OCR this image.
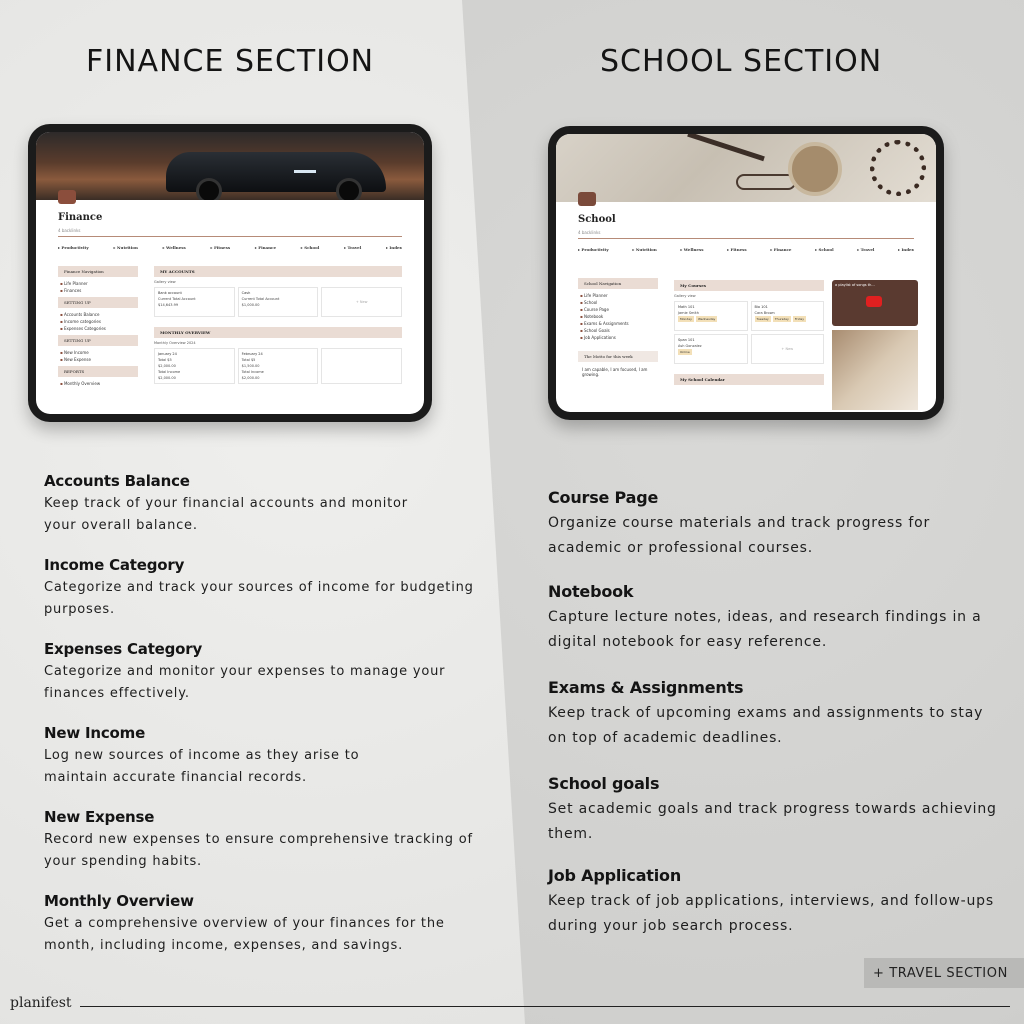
FINANCE SECTION	SCHOOL SECTION
Finance
4 backlinks
▸ Productivity	▸ Nutrition	▸ Wellness	▸ Fitness	▸ Finance	▸ School	▸ Travel	▸ Index
Finance Navigation
▪ Life Planner
▪ Finances
SETTING UP
▪ Accounts Balance
▪ Income categories
▪ Expenses Categories
SETTING UP
▪ New Income
▪ New Expense
REPORTS
▪ Monthly Overview
MY ACCOUNTS
Gallery view
Bank account
Current Total Account
$14,643.99
Cash
Current Total Account
$1,000.00
+ New
MONTHLY OVERVIEW
Monthly Overview 2024
January 24
Total $5
$2,000.00
Total Income
$2,000.00
February 24
Total $5
$1,500.00
Total Income
$2,000.00
School
4 backlinks
▸ Productivity	▸ Nutrition	▸ Wellness	▸ Fitness	▸ Finance	▸ School	▸ Travel	▸ Index
School Navigation
▪ Life Planner
▪ School
▪ Course Page
▪ Notebook
▪ Exams & Assignments
▪ School Goals
▪ Job Applications
The Motto for this week
I am capable, I am focused, I am growing.
My Courses
Gallery view
Math 101
Jamie Smith
Monday Wednesday
Bio 101
Cara Brown
Tuesday Thursday Friday
Span 101
Ash Gonzalez
Online
+ New
My School Calendar
a playlist of songs th...
Accounts Balance

Keep track of your financial accounts and monitor your overall balance.

Income Category

Categorize and track your sources of income for budgeting purposes.

Expenses Category

Categorize and monitor your expenses to manage your finances effectively.

New Income

Log new sources of income as they arise to maintain accurate financial records.

New Expense

Record new expenses to ensure comprehensive tracking of your spending habits.

Monthly Overview

Get a comprehensive overview of your finances for the month, including income, expenses, and savings.

Course Page

Organize course materials and track progress for academic or professional courses.

Notebook

Capture lecture notes, ideas, and research findings in a digital notebook for easy reference.

Exams & Assignments

Keep track of upcoming exams and assignments to stay on top of academic deadlines.

School goals

Set academic goals and track progress towards achieving them.

Job Application

Keep track of job applications, interviews, and follow-ups during your job search process.

+ TRAVEL SECTION
planifest
